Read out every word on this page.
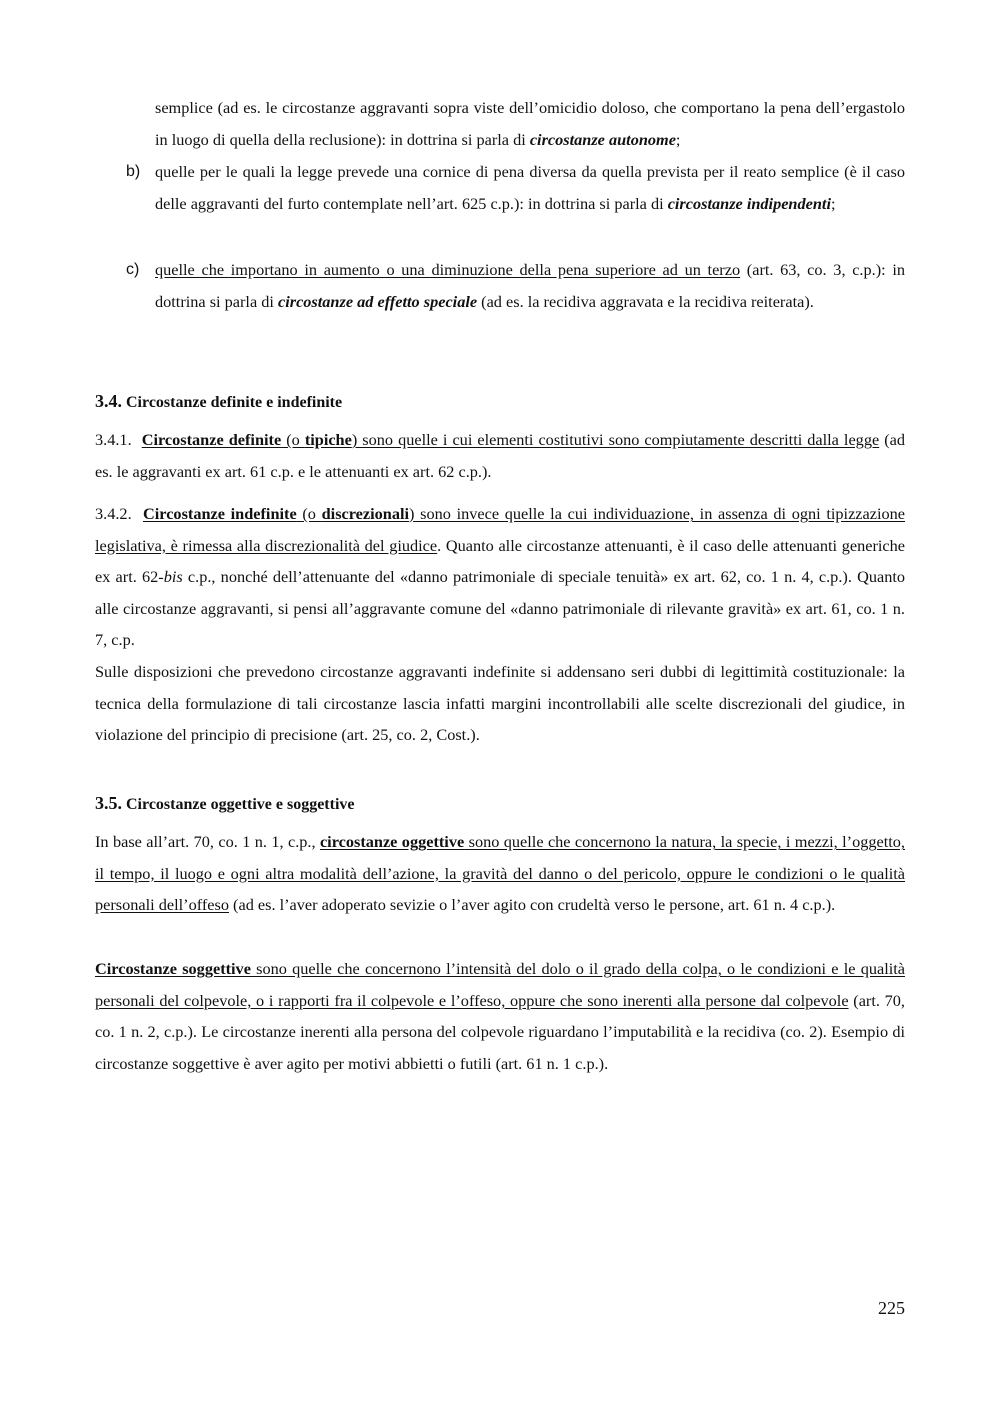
semplice (ad es. le circostanze aggravanti sopra viste dell’omicidio doloso, che comportano la pena dell’ergastolo in luogo di quella della reclusione): in dottrina si parla di circostanze autonome;

b) quelle per le quali la legge prevede una cornice di pena diversa da quella prevista per il reato semplice (è il caso delle aggravanti del furto contemplate nell’art. 625 c.p.): in dottrina si parla di circostanze indipendenti;

c) quelle che importano in aumento o una diminuzione della pena superiore ad un terzo (art. 63, co. 3, c.p.): in dottrina si parla di circostanze ad effetto speciale (ad es. la recidiva aggravata e la recidiva reiterata).

3.4. Circostanze definite e indefinite

3.4.1.  Circostanze definite (o tipiche) sono quelle i cui elementi costitutivi sono compiutamente descritti dalla legge (ad es. le aggravanti ex art. 61 c.p. e le attenuanti ex art. 62 c.p.).

3.4.2.  Circostanze indefinite (o discrezionali) sono invece quelle la cui individuazione, in assenza di ogni tipizzazione legislativa, è rimessa alla discrezionalità del giudice. Quanto alle circostanze attenuanti, è il caso delle attenuanti generiche ex art. 62-bis c.p., nonché dell’attenuante del «danno patrimoniale di speciale tenuità» ex art. 62, co. 1 n. 4, c.p.). Quanto alle circostanze aggravanti, si pensi all’aggravante comune del «danno patrimoniale di rilevante gravità» ex art. 61, co. 1 n. 7, c.p.

Sulle disposizioni che prevedono circostanze aggravanti indefinite si addensano seri dubbi di legittimità costituzionale: la tecnica della formulazione di tali circostanze lascia infatti margini incontrollabili alle scelte discrezionali del giudice, in violazione del principio di precisione (art. 25, co. 2, Cost.).

3.5. Circostanze oggettive e soggettive

In base all’art. 70, co. 1 n. 1, c.p., circostanze oggettive sono quelle che concernono la natura, la specie, i mezzi, l’oggetto, il tempo, il luogo e ogni altra modalità dell’azione, la gravità del danno o del pericolo, oppure le condizioni o le qualità personali dell’offeso (ad es. l’aver adoperato sevizie o l’aver agito con crudeltà verso le persone, art. 61 n. 4 c.p.).

Circostanze soggettive sono quelle che concernono l’intensità del dolo o il grado della colpa, o le condizioni e le qualità personali del colpevole, o i rapporti fra il colpevole e l’offeso, oppure che sono inerenti alla persone dal colpevole (art. 70, co. 1 n. 2, c.p.). Le circostanze inerenti alla persona del colpevole riguardano l’imputabilità e la recidiva (co. 2). Esempio di circostanze soggettive è aver agito per motivi abbietti o futili (art. 61 n. 1 c.p.).

225
